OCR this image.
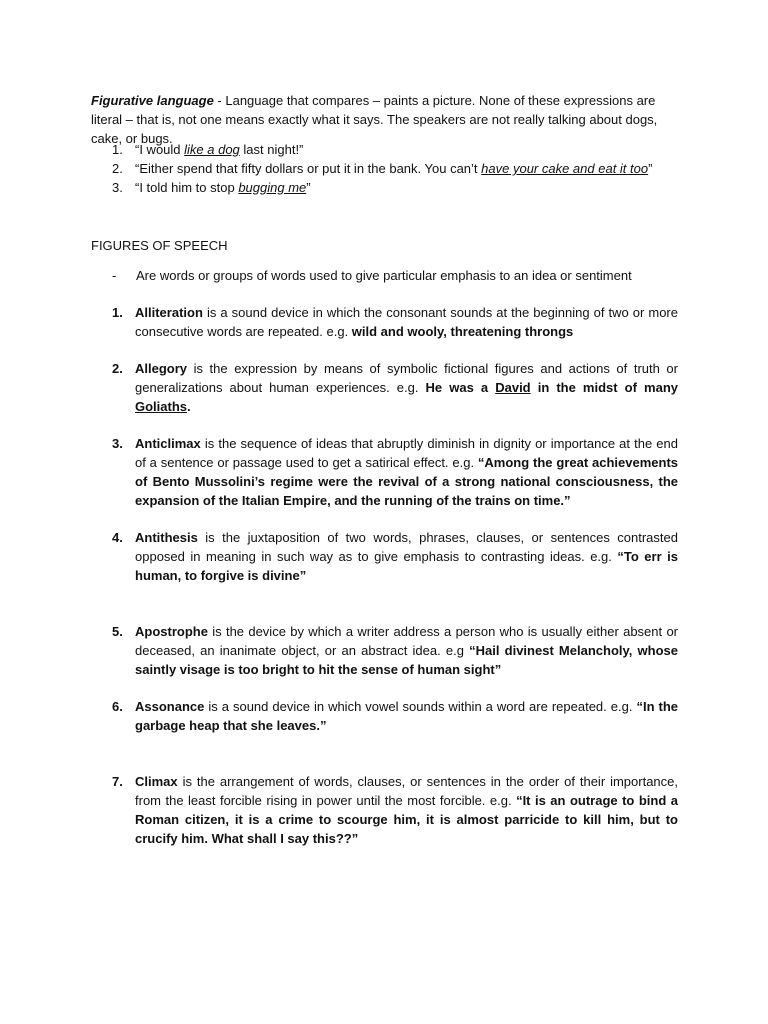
Figurative language - Language that compares – paints a picture. None of these expressions are literal – that is, not one means exactly what it says. The speakers are not really talking about dogs, cake, or bugs.
1. “I would like a dog last night!”
2. “Either spend that fifty dollars or put it in the bank. You can’t have your cake and eat it too”
3. “I told him to stop bugging me”
FIGURES OF SPEECH
- Are words or groups of words used to give particular emphasis to an idea or sentiment
1. Alliteration is a sound device in which the consonant sounds at the beginning of two or more consecutive words are repeated. e.g. wild and wooly, threatening throngs
2. Allegory is the expression by means of symbolic fictional figures and actions of truth or generalizations about human experiences. e.g. He was a David in the midst of many Goliaths.
3. Anticlimax is the sequence of ideas that abruptly diminish in dignity or importance at the end of a sentence or passage used to get a satirical effect. e.g. “Among the great achievements of Bento Mussolini’s regime were the revival of a strong national consciousness, the expansion of the Italian Empire, and the running of the trains on time.”
4. Antithesis is the juxtaposition of two words, phrases, clauses, or sentences contrasted opposed in meaning in such way as to give emphasis to contrasting ideas. e.g. “To err is human, to forgive is divine”
5. Apostrophe is the device by which a writer address a person who is usually either absent or deceased, an inanimate object, or an abstract idea. e.g “Hail divinest Melancholy, whose saintly visage is too bright to hit the sense of human sight”
6. Assonance is a sound device in which vowel sounds within a word are repeated. e.g. “In the garbage heap that she leaves.”
7. Climax is the arrangement of words, clauses, or sentences in the order of their importance, from the least forcible rising in power until the most forcible. e.g. “It is an outrage to bind a Roman citizen, it is a crime to scourge him, it is almost parricide to kill him, but to crucify him. What shall I say this??”
